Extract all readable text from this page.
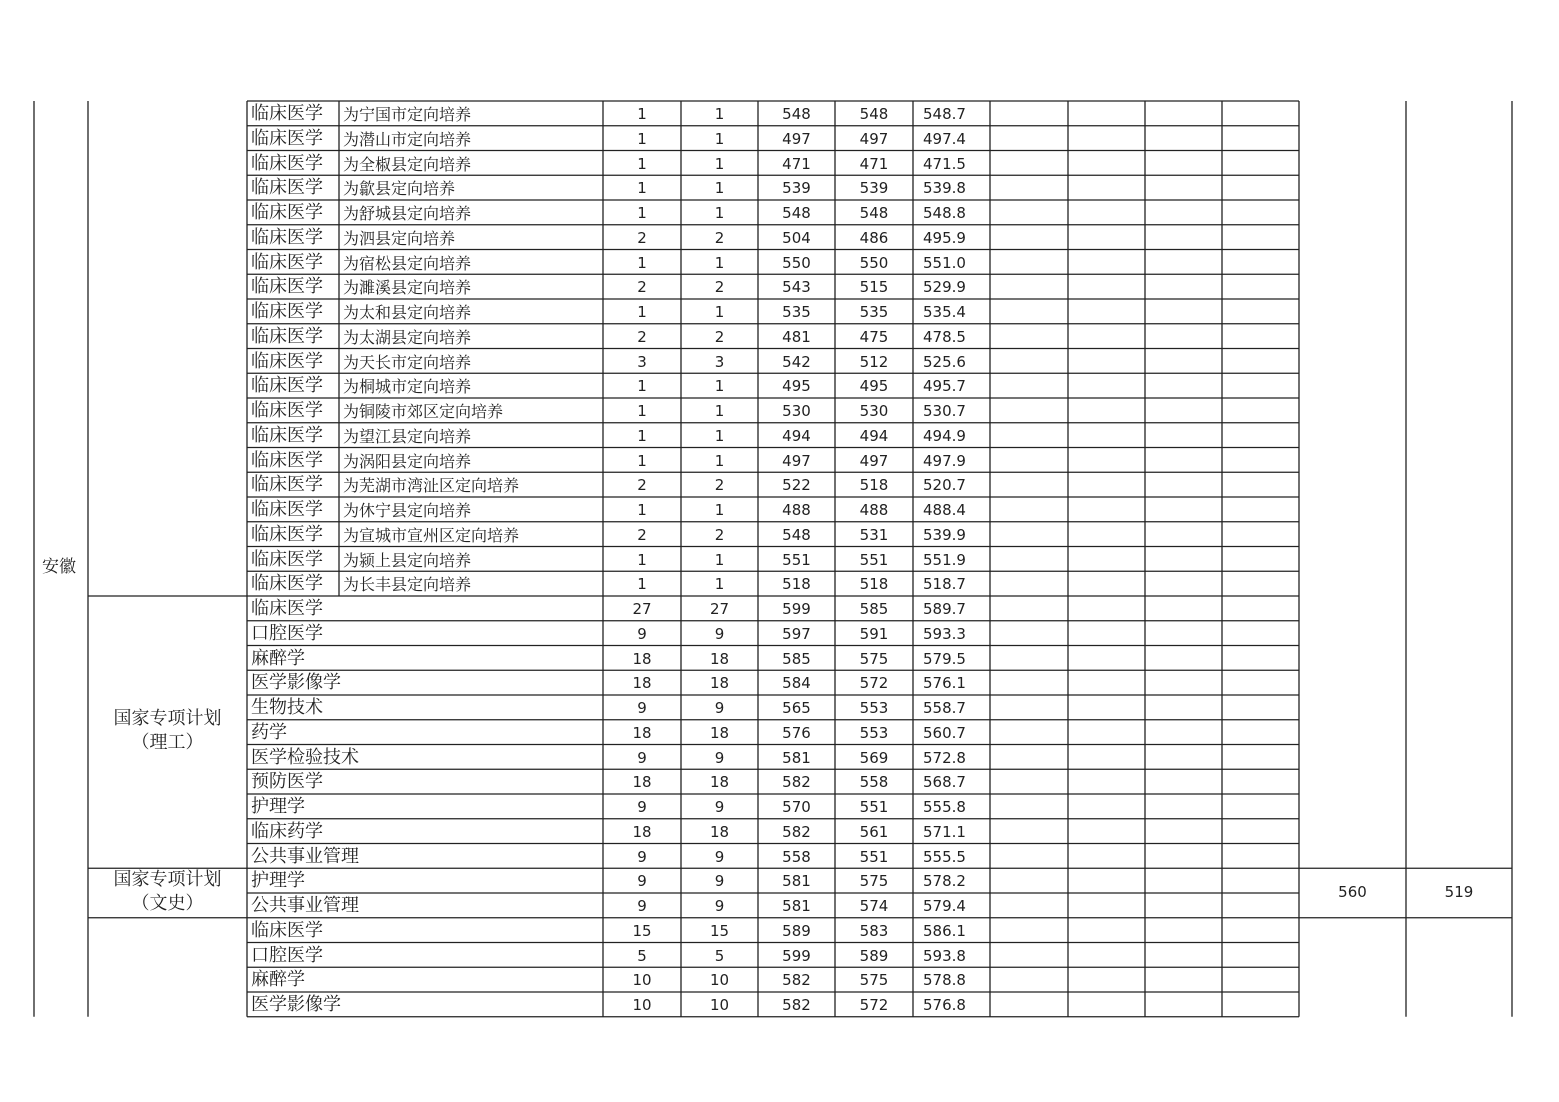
临床医学 为宁国市定向培养	1	1	548	548	548.7
临床医学 为潜山市定向培养	1	1	497	497	497.4
临床医学 为全椒县定向培养	1	1	471	471	471.5
临床医学 为歙县定向培养	1	1	539	539	539.8
临床医学 为舒城县定向培养	1	1	548	548	548.8
临床医学 为泗县定向培养	2	2	504	486	495.9
临床医学 为宿松县定向培养	1	1	550	550	551.0
临床医学 为濉溪县定向培养	2	2	543	515	529.9
临床医学 为太和县定向培养	1	1	535	535	535.4
临床医学 为太湖县定向培养	2	2	481	475	478.5
临床医学 为天长市定向培养	3	3	542	512	525.6
临床医学 为桐城市定向培养	1	1	495	495	495.7
临床医学 为铜陵市郊区定向培养	1	1	530	530	530.7
临床医学 为望江县定向培养	1	1	494	494	494.9
临床医学 为涡阳县定向培养	1	1	497	497	497.9
临床医学 为芜湖市湾沚区定向培养	2	2	522	518	520.7
临床医学 为休宁县定向培养	1	1	488	488	488.4
临床医学 为宣城市宣州区定向培养	2	2	548	531	539.9
临床医学 为颍上县定向培养	1	1	551	551	551.9
临床医学 为长丰县定向培养	1	1	518	518	518.7
国家专项计划
（理工）
临床医学	27	27	599	585	589.7
口腔医学	9	9	597	591	593.3
麻醉学	18	18	585	575	579.5
医学影像学	18	18	584	572	576.1
生物技术	9	9	565	553	558.7
药学	18	18	576	553	560.7
医学检验技术	9	9	581	569	572.8
预防医学	18	18	582	558	568.7
护理学	9	9	570	551	555.8
临床药学	18	18	582	561	571.1
公共事业管理	9	9	558	551	555.5
国家专项计划
（文史）
护理学	9	9	581	575	578.2
公共事业管理	9	9	581	574	579.4
临床医学	15	15	589	583	586.1
口腔医学	5	5	599	589	593.8
麻醉学	10	10	582	575	578.8
医学影像学	10	10	582	572	576.8
安徽
560	519
